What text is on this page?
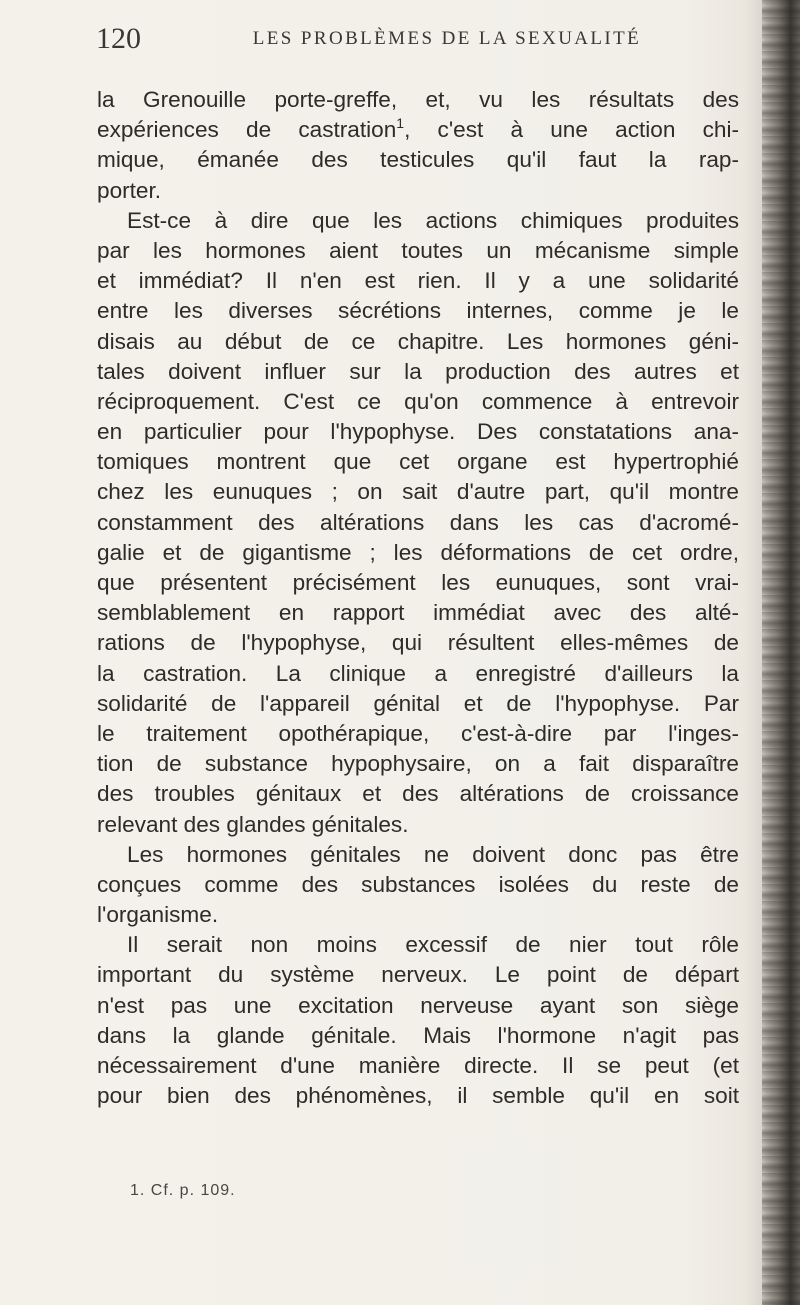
120	LES PROBLÈMES DE LA SEXUALITÉ
la Grenouille porte-greffe, et, vu les résultats des
expériences de castration$^1$, c'est à une action chi-
mique, émanée des testicules qu'il faut la rap-
porter.
Est-ce à dire que les actions chimiques produites
par les hormones aient toutes un mécanisme simple
et immédiat? Il n'en est rien. Il y a une solidarité
entre les diverses sécrétions internes, comme je le
disais au début de ce chapitre. Les hormones géni-
tales doivent influer sur la production des autres et
réciproquement. C'est ce qu'on commence à entrevoir
en particulier pour l'hypophyse. Des constatations ana-
tomiques montrent que cet organe est hypertrophié
chez les eunuques ; on sait d'autre part, qu'il montre
constamment des altérations dans les cas d'acromé-
galie et de gigantisme ; les déformations de cet ordre,
que présentent précisément les eunuques, sont vrai-
semblablement en rapport immédiat avec des alté-
rations de l'hypophyse, qui résultent elles-mêmes de
la castration. La clinique a enregistré d'ailleurs la
solidarité de l'appareil génital et de l'hypophyse. Par
le traitement opothérapique, c'est-à-dire par l'inges-
tion de substance hypophysaire, on a fait disparaître
des troubles génitaux et des altérations de croissance
relevant des glandes génitales.
Les hormones génitales ne doivent donc pas être
conçues comme des substances isolées du reste de
l'organisme.
Il serait non moins excessif de nier tout rôle
important du système nerveux. Le point de départ
n'est pas une excitation nerveuse ayant son siège
dans la glande génitale. Mais l'hormone n'agit pas
nécessairement d'une manière directe. Il se peut (et
pour bien des phénomènes, il semble qu'il en soit
1. Cf. p. 109.
